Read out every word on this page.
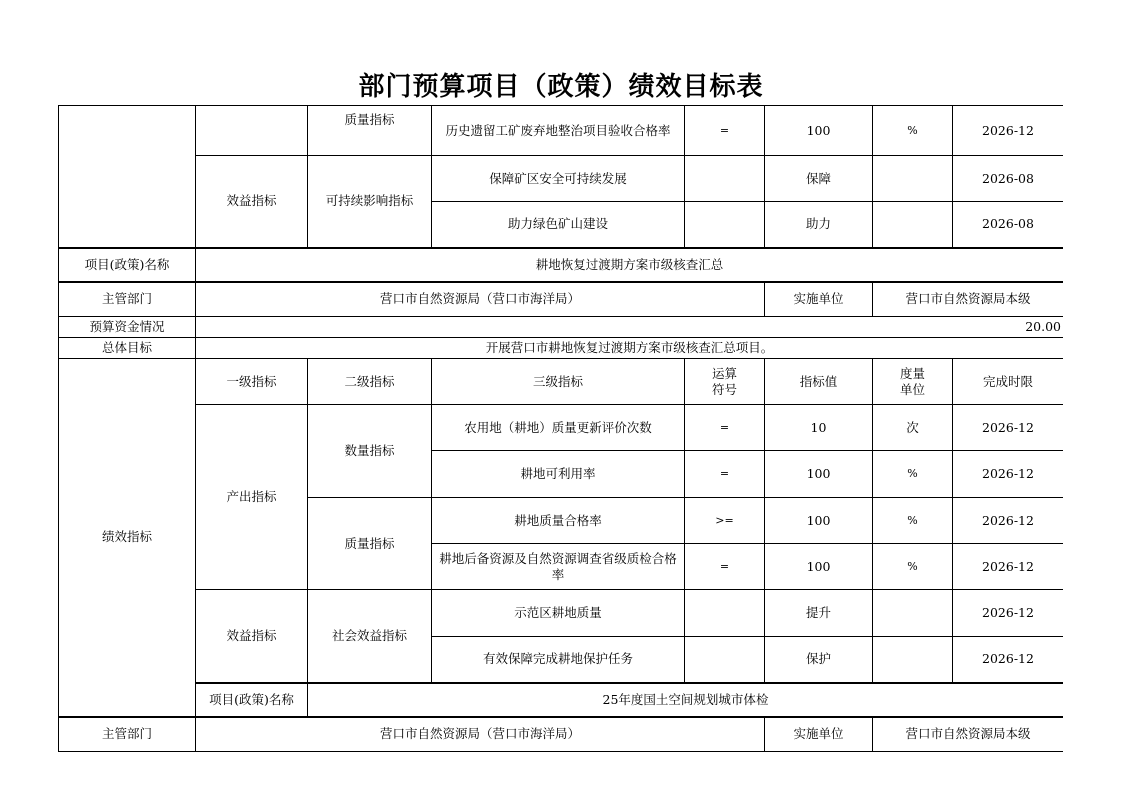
部门预算项目（政策）绩效目标表

		质量指标	历史遗留工矿废弃地整治项目验收合格率	=	100	%	2026-12
	效益指标	可持续影响指标	保障矿区安全可持续发展		保障		2026-08
			助力绿色矿山建设		助力		2026-08
项目(政策)名称	耕地恢复过渡期方案市级核查汇总						
主管部门	营口市自然资源局（营口市海洋局）				实施单位	营口市自然资源局本级	
预算资金情况	20.00						
总体目标	开展营口市耕地恢复过渡期方案市级核查汇总项目。						
绩效指标	一级指标	二级指标	三级指标	运算符号	指标值	度量单位	完成时限
	产出指标	数量指标	农用地（耕地）质量更新评价次数	=	10	次	2026-12
			耕地可利用率	=	100	%	2026-12
		质量指标	耕地质量合格率	>=	100	%	2026-12
			耕地后备资源及自然资源调查省级质检合格率	=	100	%	2026-12
	效益指标	社会效益指标	示范区耕地质量		提升		2026-12
			有效保障完成耕地保护任务		保护		2026-12
	项目(政策)名称	25年度国土空间规划城市体检					
主管部门	营口市自然资源局（营口市海洋局）				实施单位	营口市自然资源局本级	
